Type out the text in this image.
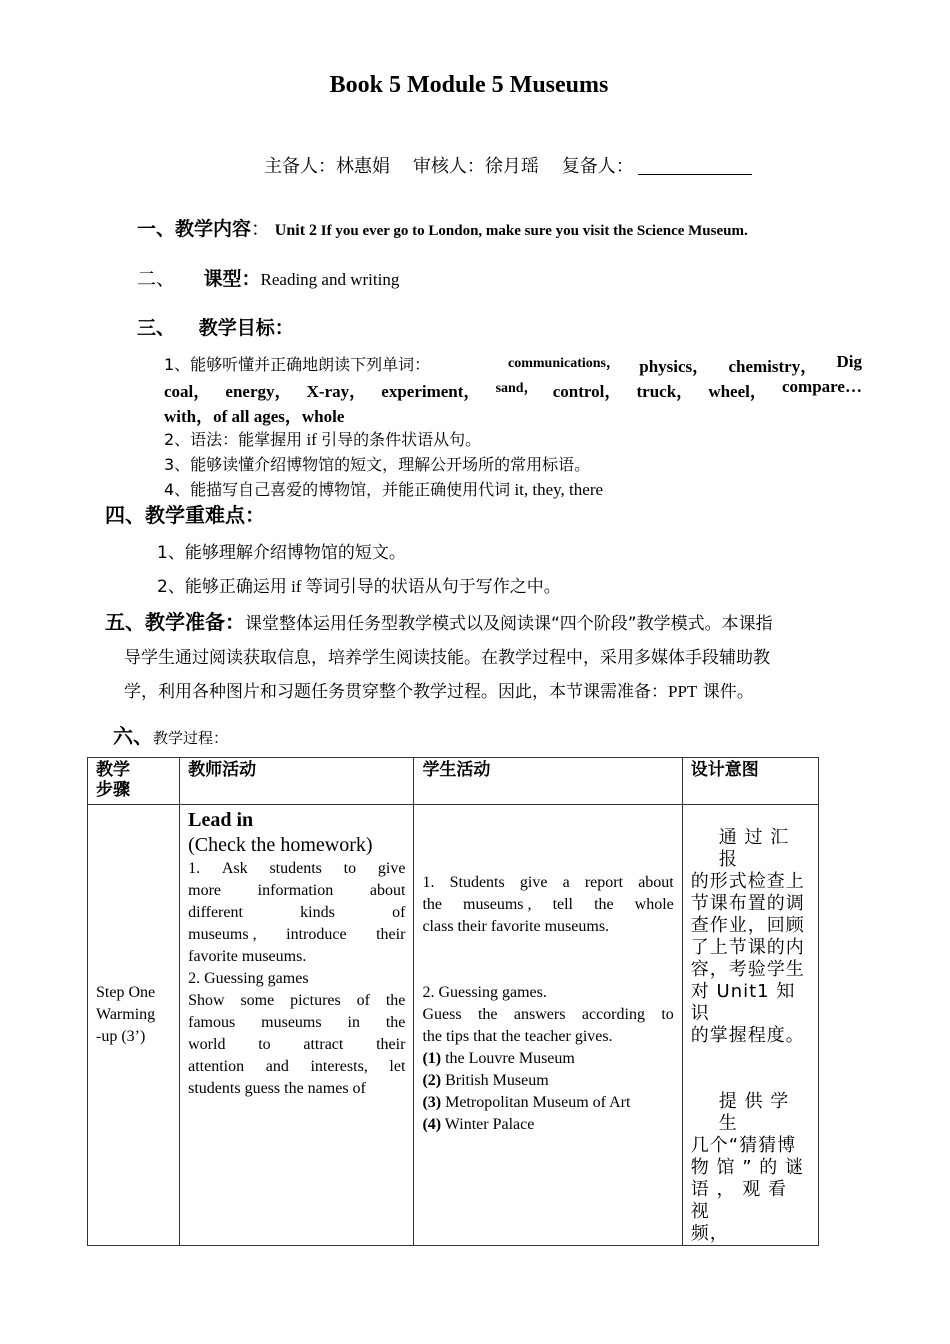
Book 5 Module 5 Museums
主备人：林惠娟 审核人：徐月瑶 复备人：
一、教学内容： Unit 2 If you ever go to London, make sure you visit the Science Museum.
二、 课型：Reading and writing
三、 教学目标：
1、能够听懂并正确地朗读下列单词：	communications， physics， chemistry， Dig
coal， energy， X-ray， experiment， sand， control， truck， wheel， compare…
with，of all ages，whole
2、语法：能掌握用 if 引导的条件状语从句。
3、能够读懂介绍博物馆的短文，理解公开场所的常用标语。
4、能描写自己喜爱的博物馆，并能正确使用代词 it, they, there
四、教学重难点：
1、能够理解介绍博物馆的短文。
2、能够正确运用 if 等词引导的状语从句于写作之中。
五、教学准备：课堂整体运用任务型教学模式以及阅读课“四个阶段”教学模式。本课指
导学生通过阅读获取信息，培养学生阅读技能。在教学过程中，采用多媒体手段辅助教
学，利用各种图片和习题任务贯穿整个教学过程。因此，本节课需准备：PPT 课件。
六、教学过程：
教学
步骤	教师活动	学生活动	设计意图

Step One
Warming
-up (3’)

Lead in
(Check the homework)
1. Ask students to give
more information about
different	kinds	of
museums , introduce their
favorite museums.
2. Guessing games
Show some pictures of the
famous museums in the
world to attract their
attention and interests, let
students guess the names of

1. Students give a report about
the museums , tell the whole
class their favorite museums.
2. Guessing games.
Guess the answers according to
the tips that the teacher gives.
(1) the Louvre Museum
(2) British Museum
(3) Metropolitan Museum of Art
(4) Winter Palace

通 过 汇 报
的形式检查上
节课布置的调
查作业，回顾
了上节课的内
容，考验学生
对 Unit1 知 识
的掌握程度。
提 供 学 生
几个“猜猜博
物 馆 ” 的 谜
语 ， 观 看 视
频，
